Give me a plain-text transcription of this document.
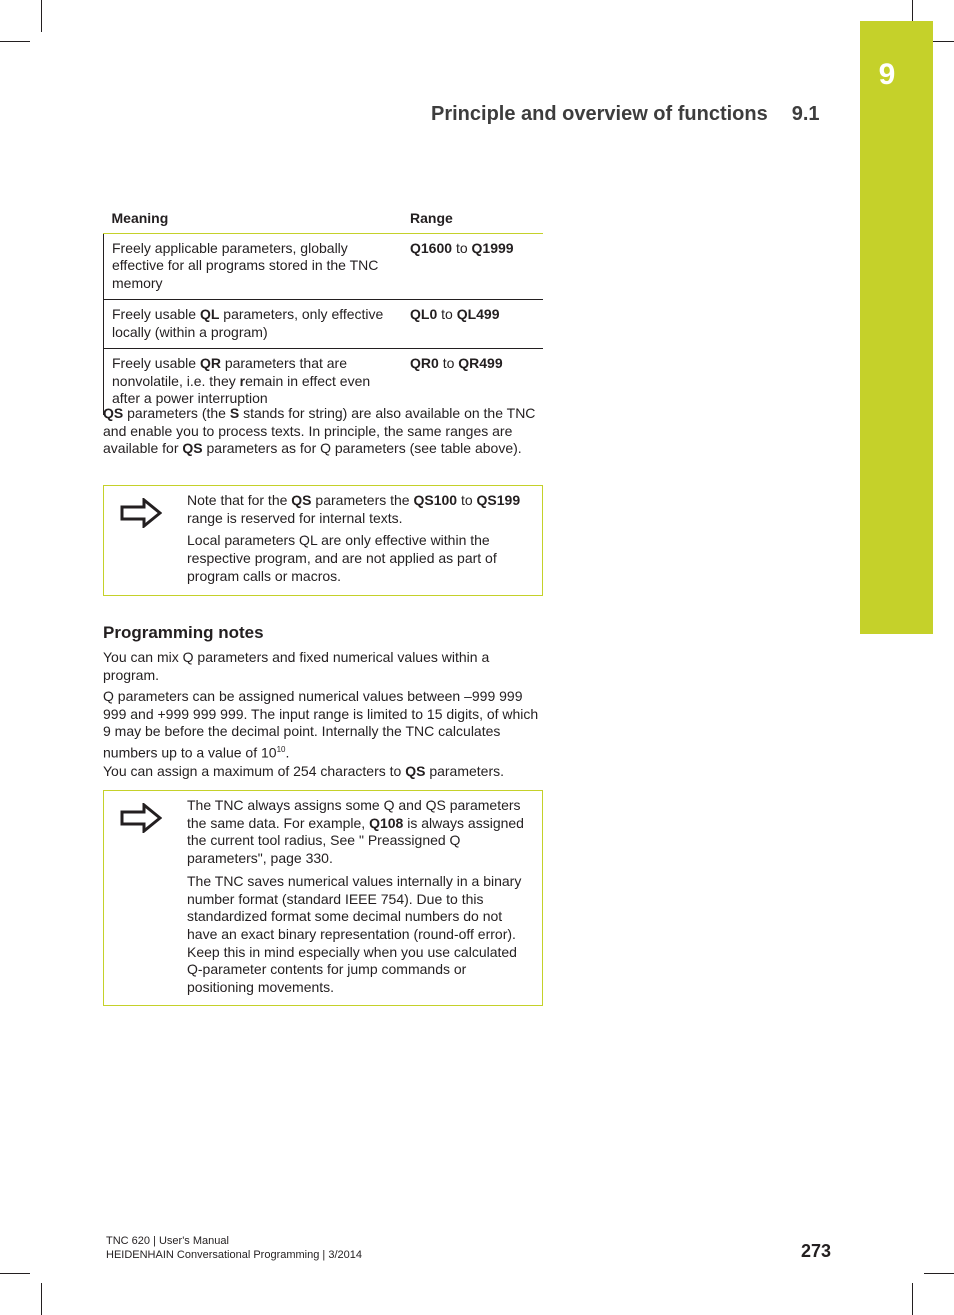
9
Principle and overview of functions 9.1
Meaning	Range
Freely applicable parameters, globally effective for all programs stored in the TNC memory	Q1600 to Q1999
Freely usable QL parameters, only effective locally (within a program)	QL0 to QL499
Freely usable QR parameters that are nonvolatile, i.e. they remain in effect even after a power interruption	QR0 to QR499
QS parameters (the S stands for string) are also available on the TNC and enable you to process texts. In principle, the same ranges are available for QS parameters as for Q parameters (see table above).

Note that for the QS parameters the QS100 to QS199 range is reserved for internal texts.

Local parameters QL are only effective within the respective program, and are not applied as part of program calls or macros.

Programming notes
You can mix Q parameters and fixed numerical values within a program.
Q parameters can be assigned numerical values between –999 999 999 and +999 999 999. The input range is limited to 15 digits, of which 9 may be before the decimal point. Internally the TNC calculates numbers up to a value of $10^{10}$.
You can assign a maximum of 254 characters to QS parameters.

The TNC always assigns some Q and QS parameters the same data. For example, Q108 is always assigned the current tool radius, See " Preassigned Q parameters", page 330.

The TNC saves numerical values internally in a binary number format (standard IEEE 754). Due to this standardized format some decimal numbers do not have an exact binary representation (round-off error). Keep this in mind especially when you use calculated Q-parameter contents for jump commands or positioning movements.

TNC 620 | User's Manual
HEIDENHAIN Conversational Programming | 3/2014	273
